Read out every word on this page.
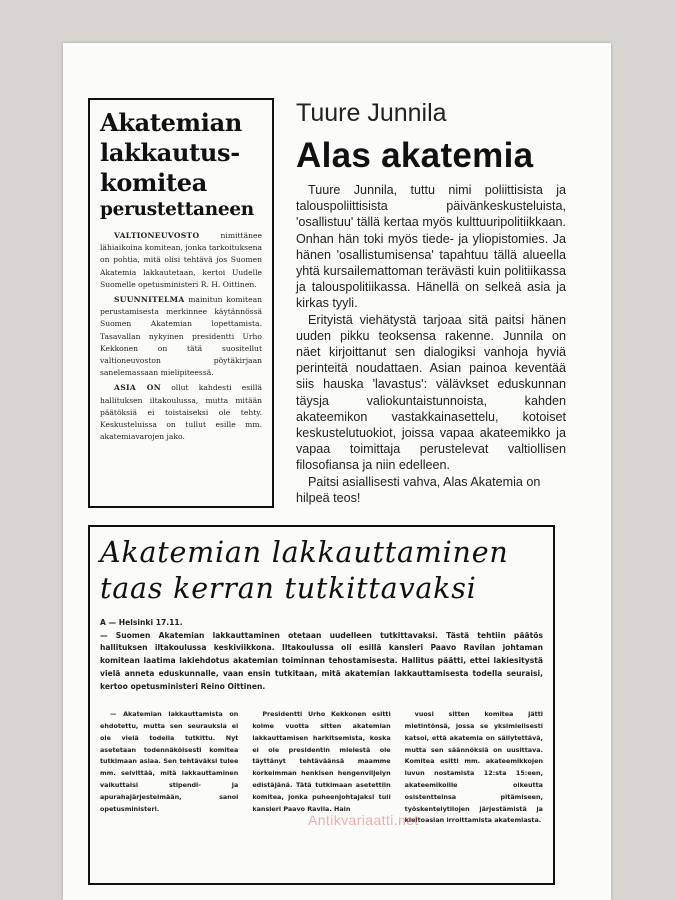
Akatemian
lakkautus-
komitea
perustettaneen

VALTIONEUVOSTO nimittänee lähiaikoina komitean, jonka tarkoituksena on pohtia, mitä olisi tehtävä jos Suomen Akatemia lakkautetaan, kertoi Uudelle Suomelle opetusministeri R. H. Oittinen.

SUUNNITELMA mainitun komitean perustamisesta merkinnee käytännössä Suomen Akatemian lopettamista. Tasavallan nykyinen presidentti Urho Kekkonen on tätä suositellut valtioneuvoston pöytäkirjaan sanelemassaan mielipiteessä.

ASIA ON ollut kahdesti esillä hallituksen iltakoulussa, mutta mitään päätöksiä ei toistaiseksi ole tehty. Keskusteluissa on tullut esille mm. akatemiavarojen jako.

Tuure Junnila
Alas akatemia

Tuure Junnila, tuttu nimi poliittisista ja talouspoliittisista päivänkeskusteluista, 'osallistuu' tällä kertaa myös kulttuuripolitiikkaan. Onhan hän toki myös tiede- ja yliopistomies. Ja hänen 'osallistumisensa' tapahtuu tällä alueella yhtä kursailemattoman terävästi kuin politiikassa ja talouspolitiikassa. Hänellä on selkeä asia ja kirkas tyyli.

Erityistä viehätystä tarjoaa sitä paitsi hänen uuden pikku teoksensa rakenne. Junnila on näet kirjoittanut sen dialogiksi vanhoja hyviä perinteitä noudattaen. Asian painoa keventää siis hauska 'lavastus': välävkset eduskunnan täysja valiokuntaistunnoista, kahden akateemikon vastakkainasettelu, kotoiset keskustelutuokiot, joissa vapaa akateemikko ja vapaa toimittaja perustelevat valtiollisen filosofiansa ja niin edelleen.

Paitsi asiallisesti vahva, Alas Akatemia on hilpeä teos!

Akatemian lakkauttaminen
taas kerran tutkittavaksi

A — Helsinki 17.11.

— Suomen Akatemian lakkauttaminen otetaan uudelleen tutkittavaksi. Tästä tehtiin päätös hallituksen iltakoulussa keskiviikkona. Iltakoulussa oli esillä kansleri Paavo Ravilan johtaman komitean laatima lakiehdotus akatemian toiminnan tehostamisesta. Hallitus päätti, ettei lakiesitystä vielä anneta eduskunnalle, vaan ensin tutkitaan, mitä akatemian lakkauttamisesta todella seuraisi, kertoo opetusministeri Reino Oittinen.

— Akatemian lakkauttamista on ehdotettu, mutta sen seurauksia ei ole vielä todella tutkittu. Nyt asetetaan todennäköisesti komitea tutkimaan asiaa. Sen tehtäväksi tulee mm. selvittää, mitä lakkauttaminen vaikuttaisi stipendi- ja apurahajärjestelmään, sanoi opetusministeri.

Presidentti Urho Kekkonen esitti kolme vuotta sitten akatemian lakkauttamisen harkitsemista, koska ei ole presidentin mielestä ole täyttänyt tehtäväänsä maamme korkeimman henkisen hengenviljelyn edistäjänä. Tätä tutkimaan asetettiin komitea, jonka puheenjohtajaksi tuli kansleri Paavo Ravila. Hain

vuosi sitten komitea jätti mietintönsä, jossa se yksimielisesti katsoi, että akatemia on säilytettävä, mutta sen säännöksiä on uusittava. Komitea esitti mm. akateemikkojen luvun nostamista 12:sta 15:een, akateemikoille oikeutta osistentteinsa pitämiseen, työskentelytilojen järjestämistä ja kieltoasian irroittamista akatemiasta.

Antikvariaatti.net
